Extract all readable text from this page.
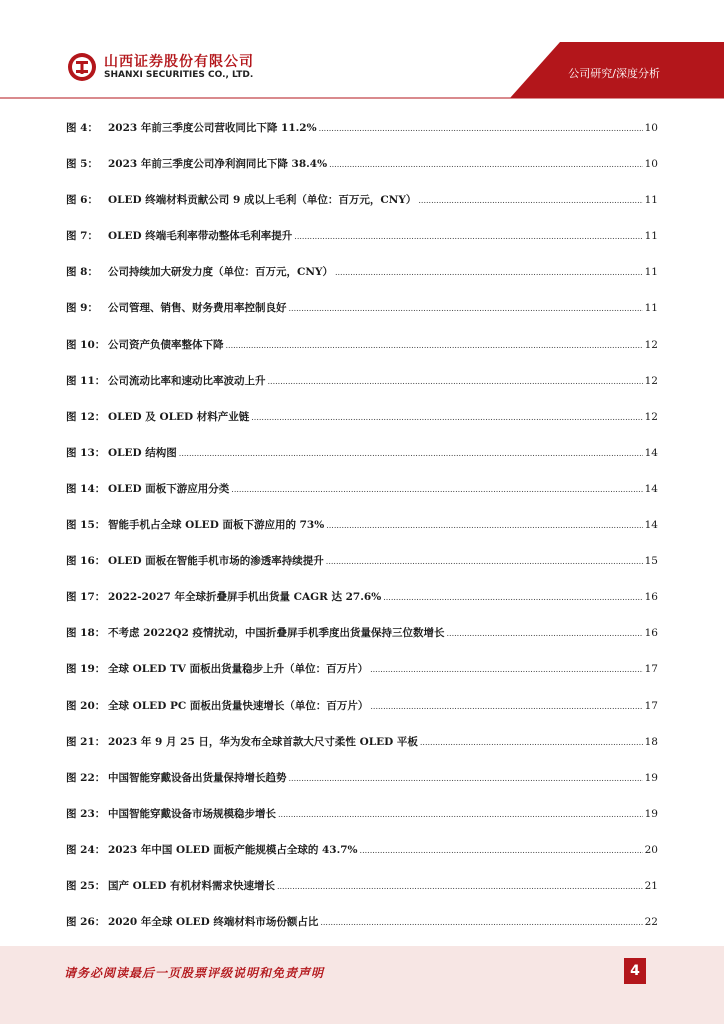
山西证券股份有限公司
SHANXI SECURITIES CO., LTD.	公司研究/深度分析
图 4： 2023 年前三季度公司营收同比下降 11.2% .....	10
图 5： 2023 年前三季度公司净利润同比下降 38.4% .....	10
图 6： OLED 终端材料贡献公司 9 成以上毛利（单位：百万元，CNY） .....	11
图 7： OLED 终端毛利率带动整体毛利率提升 .....	11
图 8： 公司持续加大研发力度（单位：百万元，CNY） .....	11
图 9： 公司管理、销售、财务费用率控制良好 .....	11
图 10： 公司资产负债率整体下降 .....	12
图 11： 公司流动比率和速动比率波动上升 .....	12
图 12： OLED 及 OLED 材料产业链 .....	12
图 13： OLED 结构图 .....	14
图 14： OLED 面板下游应用分类 .....	14
图 15： 智能手机占全球 OLED 面板下游应用的 73% .....	14
图 16： OLED 面板在智能手机市场的渗透率持续提升 .....	15
图 17： 2022-2027 年全球折叠屏手机出货量 CAGR 达 27.6% .....	16
图 18： 不考虑 2022Q2 疫情扰动，中国折叠屏手机季度出货量保持三位数增长 .....	16
图 19： 全球 OLED TV 面板出货量稳步上升（单位：百万片） .....	17
图 20： 全球 OLED PC 面板出货量快速增长（单位：百万片） .....	17
图 21： 2023 年 9 月 25 日，华为发布全球首款大尺寸柔性 OLED 平板 .....	18
图 22： 中国智能穿戴设备出货量保持增长趋势 .....	19
图 23： 中国智能穿戴设备市场规模稳步增长 .....	19
图 24： 2023 年中国 OLED 面板产能规模占全球的 43.7% .....	20
图 25： 国产 OLED 有机材料需求快速增长 .....	21
图 26： 2020 年全球 OLED 终端材料市场份额占比 .....	22
请务必阅读最后一页股票评级说明和免责声明	4
